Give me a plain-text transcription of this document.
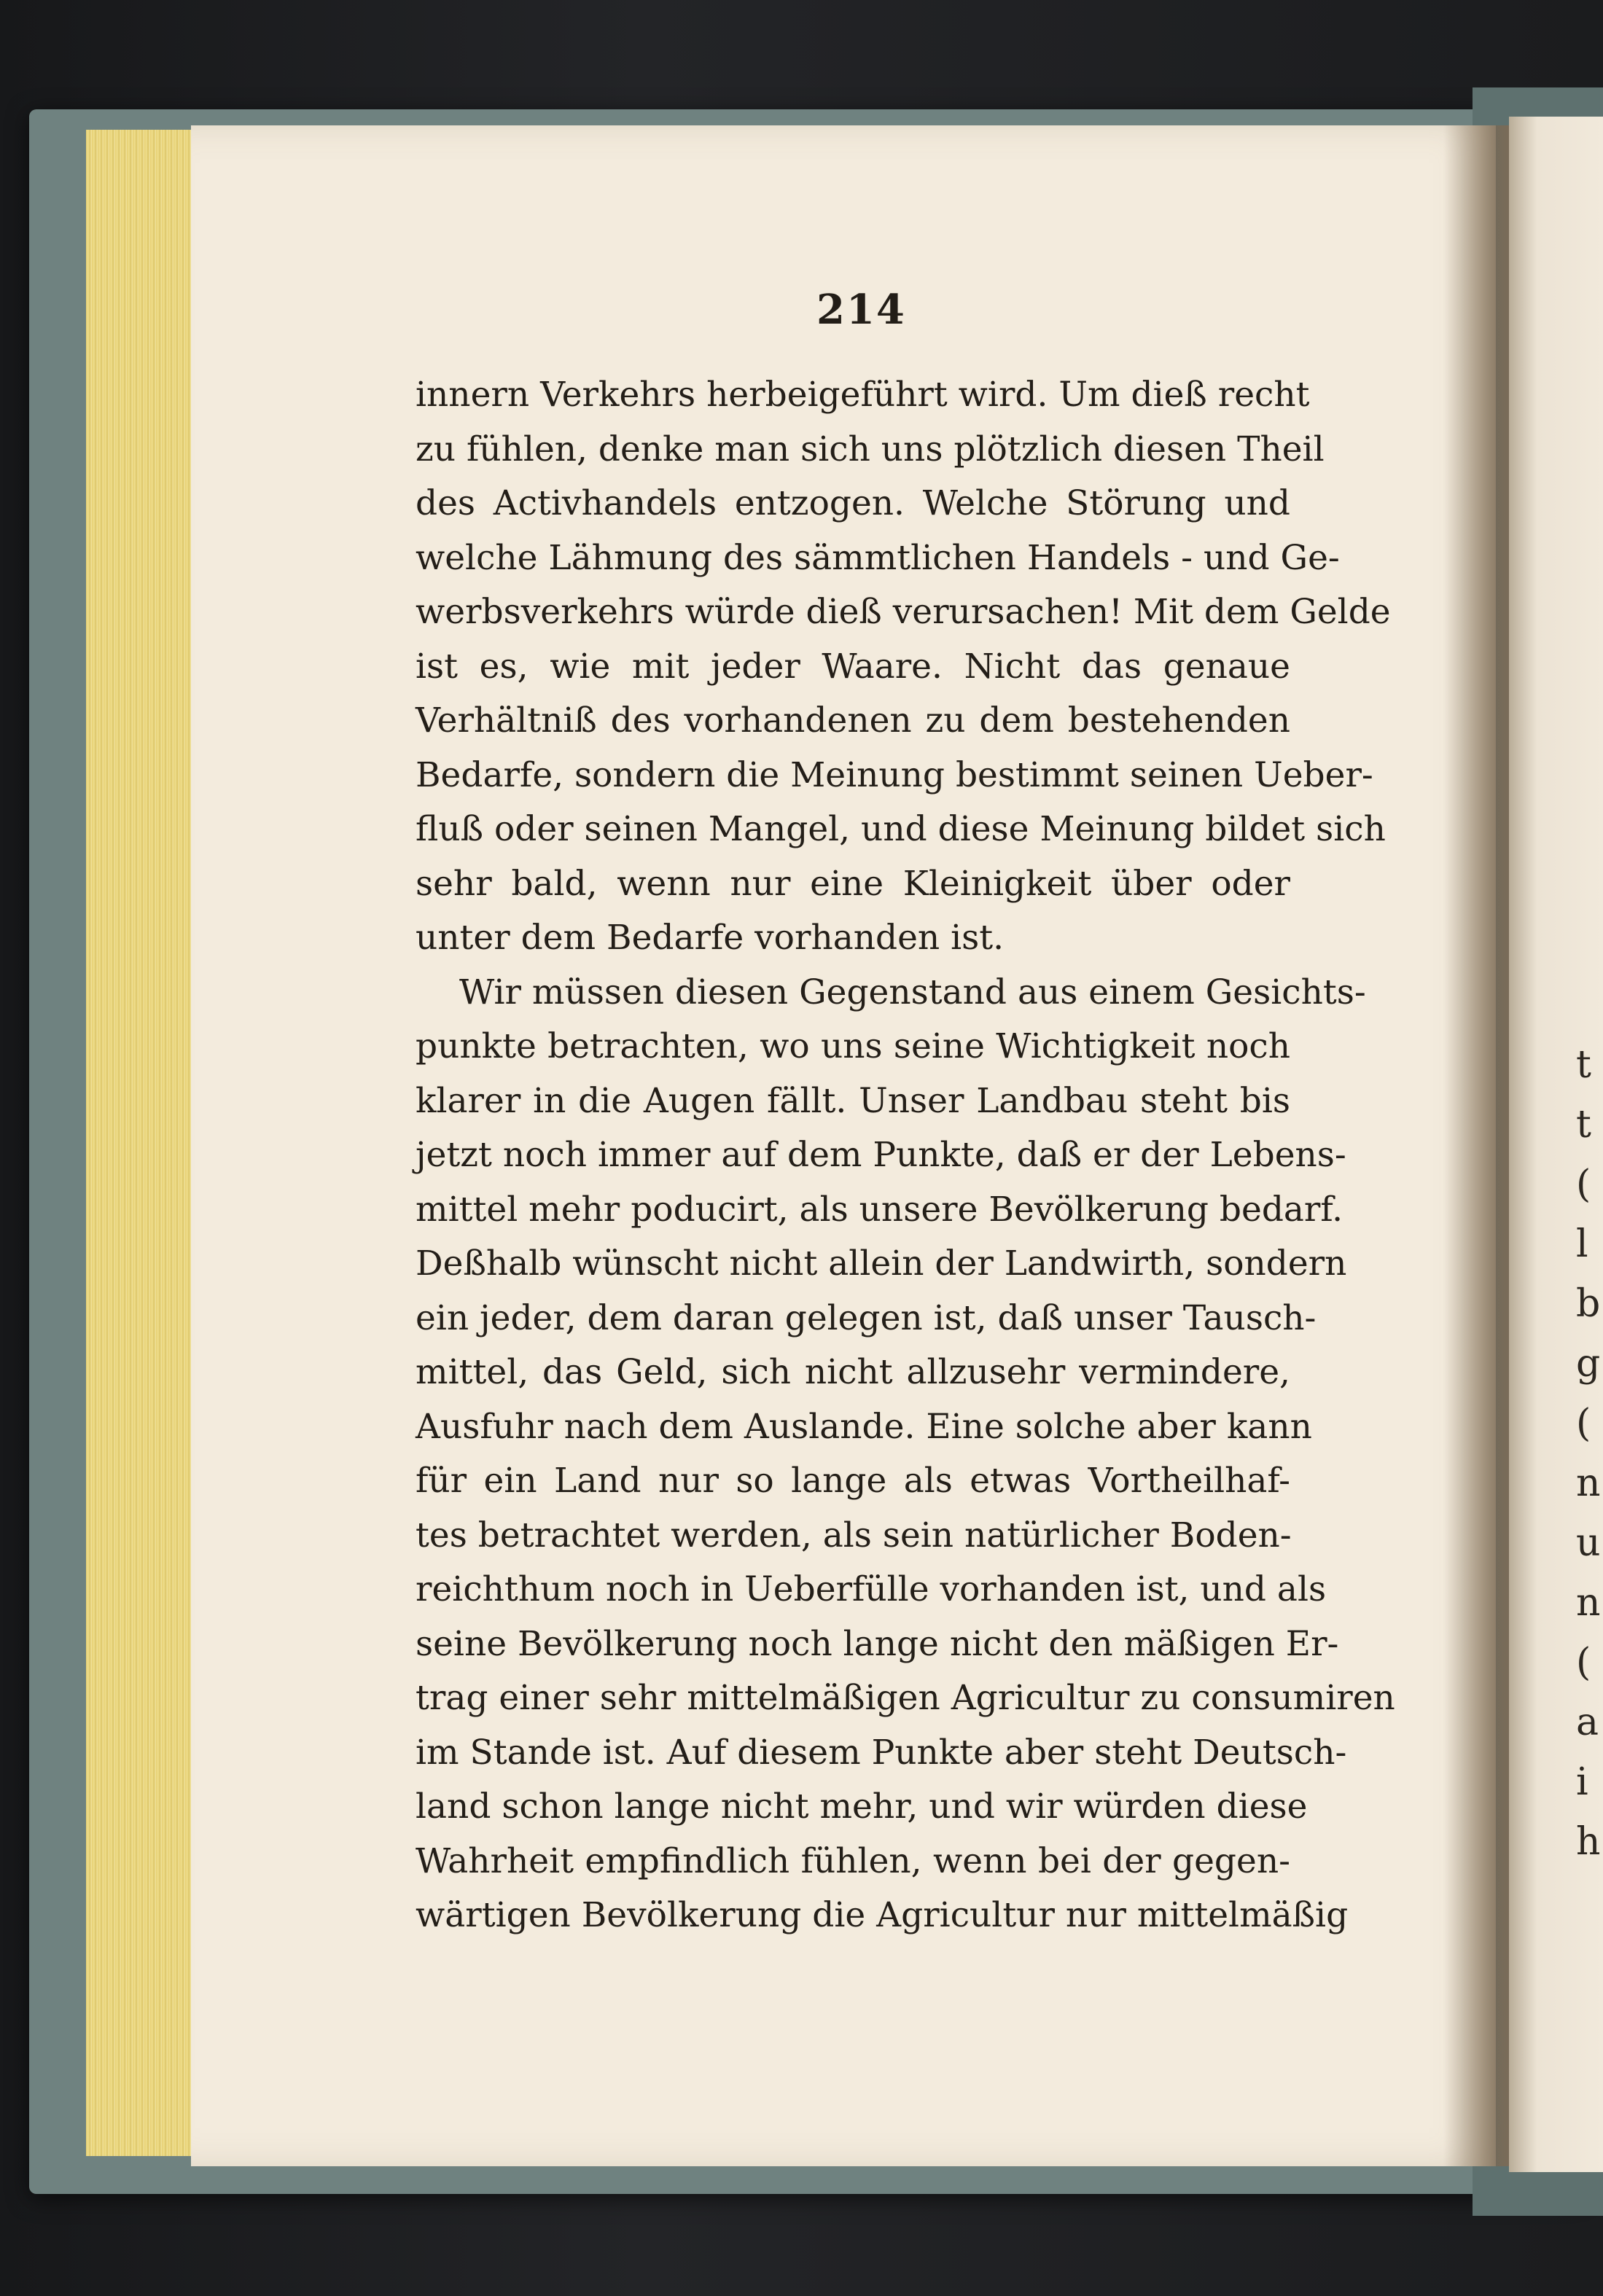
t
t
(
l
b
g
(
n
u
n
(
a
i
h
214
innern Verkehrs herbeigeführt wird. Um dieß recht
zu fühlen, denke man sich uns plötzlich diesen Theil
des Activhandels entzogen. Welche Störung und
welche Lähmung des sämmtlichen Handels - und Ge-
werbsverkehrs würde dieß verursachen! Mit dem Gelde
ist es, wie mit jeder Waare. Nicht das genaue
Verhältniß des vorhandenen zu dem bestehenden
Bedarfe, sondern die Meinung bestimmt seinen Ueber-
fluß oder seinen Mangel, und diese Meinung bildet sich
sehr bald, wenn nur eine Kleinigkeit über oder
unter dem Bedarfe vorhanden ist.
Wir müssen diesen Gegenstand aus einem Gesichts-
punkte betrachten, wo uns seine Wichtigkeit noch
klarer in die Augen fällt. Unser Landbau steht bis
jetzt noch immer auf dem Punkte, daß er der Lebens-
mittel mehr poducirt, als unsere Bevölkerung bedarf.
Deßhalb wünscht nicht allein der Landwirth, sondern
ein jeder, dem daran gelegen ist, daß unser Tausch-
mittel, das Geld, sich nicht allzusehr vermindere,
Ausfuhr nach dem Auslande. Eine solche aber kann
für ein Land nur so lange als etwas Vortheilhaf-
tes betrachtet werden, als sein natürlicher Boden-
reichthum noch in Ueberfülle vorhanden ist, und als
seine Bevölkerung noch lange nicht den mäßigen Er-
trag einer sehr mittelmäßigen Agricultur zu consumiren
im Stande ist. Auf diesem Punkte aber steht Deutsch-
land schon lange nicht mehr, und wir würden diese
Wahrheit empfindlich fühlen, wenn bei der gegen-
wärtigen Bevölkerung die Agricultur nur mittelmäßig
